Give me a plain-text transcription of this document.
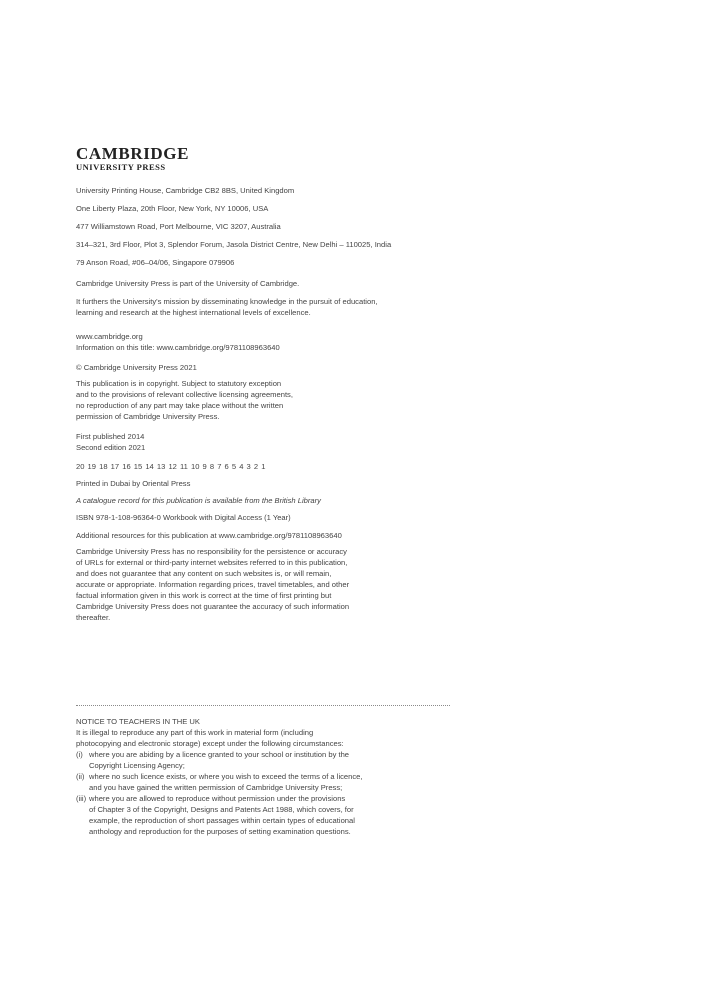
CAMBRIDGE
UNIVERSITY PRESS
University Printing House, Cambridge CB2 8BS, United Kingdom
One Liberty Plaza, 20th Floor, New York, NY 10006, USA
477 Williamstown Road, Port Melbourne, VIC 3207, Australia
314–321, 3rd Floor, Plot 3, Splendor Forum, Jasola District Centre, New Delhi – 110025, India
79 Anson Road, #06–04/06, Singapore 079906
Cambridge University Press is part of the University of Cambridge.
It furthers the University's mission by disseminating knowledge in the pursuit of education,
learning and research at the highest international levels of excellence.
www.cambridge.org
Information on this title: www.cambridge.org/9781108963640
© Cambridge University Press 2021
This publication is in copyright. Subject to statutory exception
and to the provisions of relevant collective licensing agreements,
no reproduction of any part may take place without the written
permission of Cambridge University Press.
First published 2014
Second edition 2021
20 19 18 17 16 15 14 13 12 11 10 9 8 7 6 5 4 3 2 1
Printed in Dubai by Oriental Press
A catalogue record for this publication is available from the British Library
ISBN 978-1-108-96364-0 Workbook with Digital Access (1 Year)
Additional resources for this publication at www.cambridge.org/9781108963640
Cambridge University Press has no responsibility for the persistence or accuracy
of URLs for external or third-party internet websites referred to in this publication,
and does not guarantee that any content on such websites is, or will remain,
accurate or appropriate. Information regarding prices, travel timetables, and other
factual information given in this work is correct at the time of first printing but
Cambridge University Press does not guarantee the accuracy of such information
thereafter.
NOTICE TO TEACHERS IN THE UK
It is illegal to reproduce any part of this work in material form (including
photocopying and electronic storage) except under the following circumstances:
(i) where you are abiding by a licence granted to your school or institution by the
Copyright Licensing Agency;
(ii) where no such licence exists, or where you wish to exceed the terms of a licence,
and you have gained the written permission of Cambridge University Press;
(iii) where you are allowed to reproduce without permission under the provisions
of Chapter 3 of the Copyright, Designs and Patents Act 1988, which covers, for
example, the reproduction of short passages within certain types of educational
anthology and reproduction for the purposes of setting examination questions.
